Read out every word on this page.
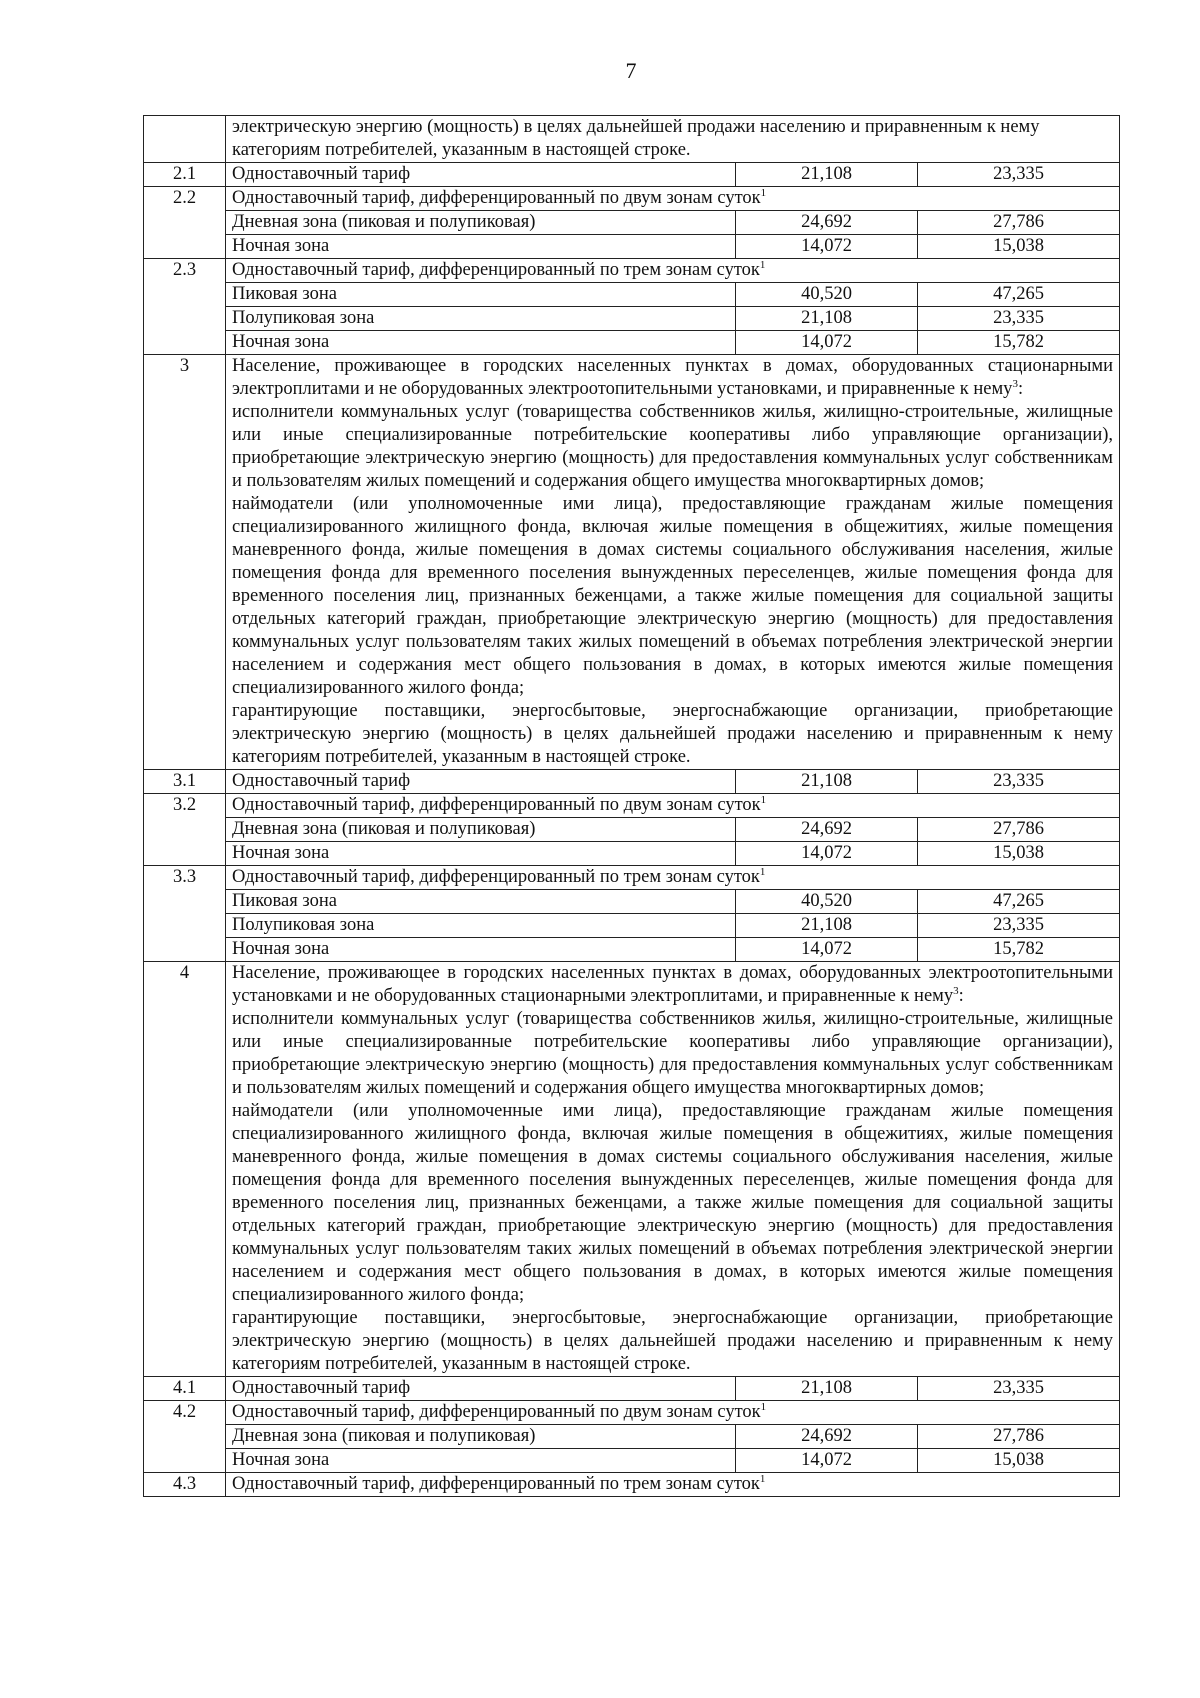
7

	электрическую энергию (мощность) в целях дальнейшей продажи населению и приравненным к нему
категориям потребителей, указанным в настоящей строке.		

2.1	Одноставочный тариф	21,108	23,335
2.2	Одноставочный тариф, дифференцированный по двум зонам суток$^1$
	Дневная зона (пиковая и полупиковая)	24,692	27,786
	Ночная зона	14,072	15,038
2.3	Одноставочный тариф, дифференцированный по трем зонам суток$^1$
	Пиковая зона	40,520	47,265
	Полупиковая зона	21,108	23,335
	Ночная зона	14,072	15,782
3	Население, проживающее в городских населенных пунктах в домах, оборудованных стационарными электроплитами и не оборудованных электроотопительными установками, и приравненные к нему$^3$:
исполнители коммунальных услуг (товарищества собственников жилья, жилищно-строительные, жилищные или иные специализированные потребительские кооперативы либо управляющие организации), приобретающие электрическую энергию (мощность) для предоставления коммунальных услуг собственникам и пользователям жилых помещений и содержания общего имущества многоквартирных домов;
наймодатели (или уполномоченные ими лица), предоставляющие гражданам жилые помещения специализированного жилищного фонда, включая жилые помещения в общежитиях, жилые помещения маневренного фонда, жилые помещения в домах системы социального обслуживания населения, жилые помещения фонда для временного поселения вынужденных переселенцев, жилые помещения фонда для временного поселения лиц, признанных беженцами, а также жилые помещения для социальной защиты отдельных категорий граждан, приобретающие электрическую энергию (мощность) для предоставления коммунальных услуг пользователям таких жилых помещений в объемах потребления электрической энергии населением и содержания мест общего пользования в домах, в которых имеются жилые помещения специализированного жилого фонда;
гарантирующие поставщики, энергосбытовые, энергоснабжающие организации, приобретающие электрическую энергию (мощность) в целях дальнейшей продажи населению и приравненным к нему категориям потребителей, указанным в настоящей строке.		

3.1	Одноставочный тариф	21,108	23,335
3.2	Одноставочный тариф, дифференцированный по двум зонам суток$^1$
	Дневная зона (пиковая и полупиковая)	24,692	27,786
	Ночная зона	14,072	15,038
3.3	Одноставочный тариф, дифференцированный по трем зонам суток$^1$
	Пиковая зона	40,520	47,265
	Полупиковая зона	21,108	23,335
	Ночная зона	14,072	15,782
4	Население, проживающее в городских населенных пунктах в домах, оборудованных электроотопительными установками и не оборудованных стационарными электроплитами, и приравненные к нему$^3$:
исполнители коммунальных услуг (товарищества собственников жилья, жилищно-строительные, жилищные или иные специализированные потребительские кооперативы либо управляющие организации), приобретающие электрическую энергию (мощность) для предоставления коммунальных услуг собственникам и пользователям жилых помещений и содержания общего имущества многоквартирных домов;
наймодатели (или уполномоченные ими лица), предоставляющие гражданам жилые помещения специализированного жилищного фонда, включая жилые помещения в общежитиях, жилые помещения маневренного фонда, жилые помещения в домах системы социального обслуживания населения, жилые помещения фонда для временного поселения вынужденных переселенцев, жилые помещения фонда для временного поселения лиц, признанных беженцами, а также жилые помещения для социальной защиты отдельных категорий граждан, приобретающие электрическую энергию (мощность) для предоставления коммунальных услуг пользователям таких жилых помещений в объемах потребления электрической энергии населением и содержания мест общего пользования в домах, в которых имеются жилые помещения специализированного жилого фонда;
гарантирующие поставщики, энергосбытовые, энергоснабжающие организации, приобретающие электрическую энергию (мощность) в целях дальнейшей продажи населению и приравненным к нему категориям потребителей, указанным в настоящей строке.		

4.1	Одноставочный тариф	21,108	23,335
4.2	Одноставочный тариф, дифференцированный по двум зонам суток$^1$
	Дневная зона (пиковая и полупиковая)	24,692	27,786
	Ночная зона	14,072	15,038
4.3	Одноставочный тариф, дифференцированный по трем зонам суток$^1$
